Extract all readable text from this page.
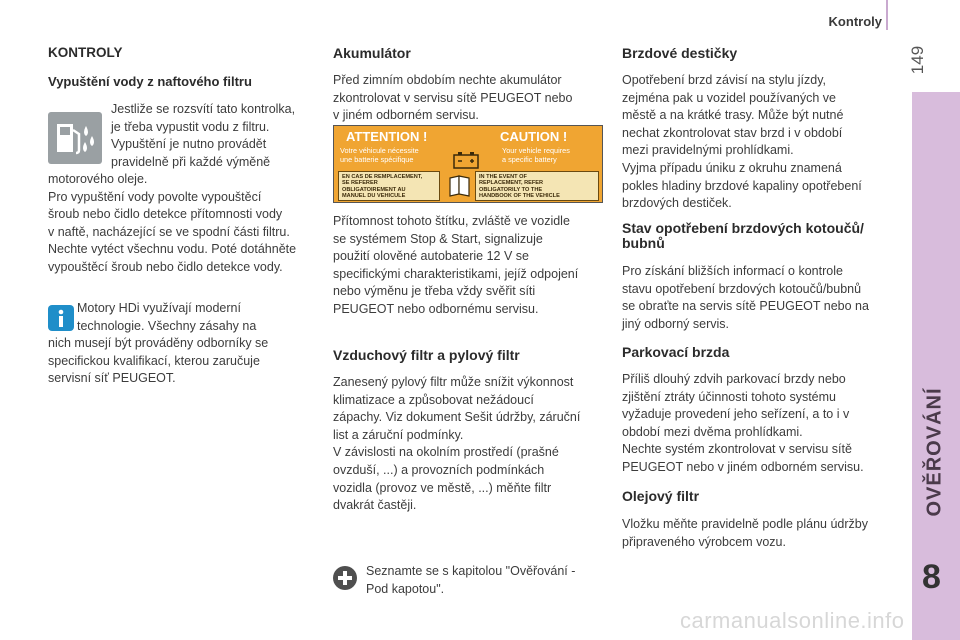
Kontroly
149
OVĚŘOVÁNÍ
8
KONTROLY
Vypuštění vody z naftového filtru
Jestliže se rozsvítí tato kontrolka,
je třeba vypustit vodu z filtru.
Vypuštění je nutno provádět
pravidelně při každé výměně
motorového oleje.
Pro vypuštění vody povolte vypouštěcí
šroub nebo čidlo detekce přítomnosti vody
v naftě, nacházející se ve spodní části filtru.
Nechte vytéct všechnu vodu. Poté dotáhněte
vypouštěcí šroub nebo čidlo detekce vody.
Motory HDi využívají moderní
technologie. Všechny zásahy na
nich musejí být prováděny odborníky se
specifickou kvalifikací, kterou zaručuje
servisní síť PEUGEOT.
Akumulátor
Před zimním obdobím nechte akumulátor
zkontrolovat v servisu sítě PEUGEOT nebo
v jiném odborném servisu.
ATTENTION !	CAUTION !
Votre véhicule nécessite
une batterie spécifique
Your vehicle requires
a specific battery
EN CAS DE REMPLACEMENT,
SE REFERER
OBLIGATOIREMENT AU
MANUEL DU VEHICULE
IN THE EVENT OF
REPLACEMENT, REFER
OBLIGATORILY TO THE
HANDBOOK OF THE VEHICLE
Přítomnost tohoto štítku, zvláště ve vozidle
se systémem Stop & Start, signalizuje
použití olověné autobaterie 12 V se
specifickými charakteristikami, jejíž odpojení
nebo výměnu je třeba vždy svěřit síti
PEUGEOT nebo odbornému servisu.
Vzduchový filtr a pylový filtr
Zanesený pylový filtr může snížit výkonnost
klimatizace a způsobovat nežádoucí
zápachy. Viz dokument Sešit údržby, záruční
list a záruční podmínky.
V závislosti na okolním prostředí (prašné
ovzduší, ...) a provozních podmínkách
vozidla (provoz ve městě, ...) měňte filtr
dvakrát častěji.
Seznamte se s kapitolou "Ověřování -
Pod kapotou".
Brzdové destičky
Opotřebení brzd závisí na stylu jízdy,
zejména pak u vozidel používaných ve
městě a na krátké trasy. Může být nutné
nechat zkontrolovat stav brzd i v období
mezi pravidelnými prohlídkami.
Vyjma případu úniku z okruhu znamená
pokles hladiny brzdové kapaliny opotřebení
brzdových destiček.
Stav opotřebení brzdových kotoučů/
bubnů
Pro získání bližších informací o kontrole
stavu opotřebení brzdových kotoučů/bubnů
se obraťte na servis sítě PEUGEOT nebo na
jiný odborný servis.
Parkovací brzda
Příliš dlouhý zdvih parkovací brzdy nebo
zjištění ztráty účinnosti tohoto systému
vyžaduje provedení jeho seřízení, a to i v
období mezi dvěma prohlídkami.
Nechte systém zkontrolovat v servisu sítě
PEUGEOT nebo v jiném odborném servisu.
Olejový filtr
Vložku měňte pravidelně podle plánu údržby
připraveného výrobcem vozu.
carmanualsonline.info
